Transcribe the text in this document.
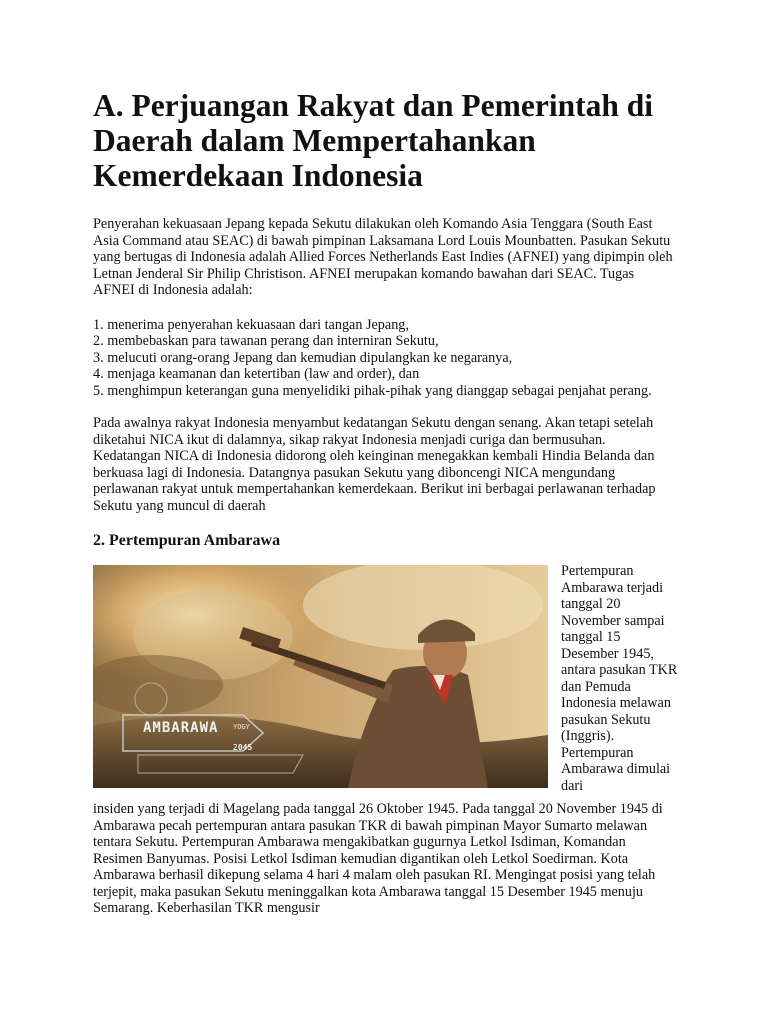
A. Perjuangan Rakyat dan Pemerintah di Daerah dalam Mempertahankan Kemerdekaan Indonesia

Penyerahan kekuasaan Jepang kepada Sekutu dilakukan oleh Komando Asia Tenggara (South East Asia Command atau SEAC) di bawah pimpinan Laksamana Lord Louis Mounbatten. Pasukan Sekutu yang bertugas di Indonesia adalah Allied Forces Netherlands East Indies (AFNEI) yang dipimpin oleh Letnan Jenderal Sir Philip Christison. AFNEI merupakan komando bawahan dari SEAC. Tugas AFNEI di Indonesia adalah:

1. menerima penyerahan kekuasaan dari tangan Jepang,
2. membebaskan para tawanan perang dan interniran Sekutu,
3. melucuti orang-orang Jepang dan kemudian dipulangkan ke negaranya,
4. menjaga keamanan dan ketertiban (law and order), dan
5. menghimpun keterangan guna menyelidiki pihak-pihak yang dianggap sebagai penjahat perang.

Pada awalnya rakyat Indonesia menyambut kedatangan Sekutu dengan senang. Akan tetapi setelah diketahui NICA ikut di dalamnya, sikap rakyat Indonesia menjadi curiga dan bermusuhan. Kedatangan NICA di Indonesia didorong oleh keinginan menegakkan kembali Hindia Belanda dan berkuasa lagi di Indonesia. Datangnya pasukan Sekutu yang diboncengi NICA mengundang perlawanan rakyat untuk mempertahankan kemerdekaan. Berikut ini berbagai perlawanan terhadap Sekutu yang muncul di daerah

2. Pertempuran Ambarawa
AMBARAWA YOGY
2045
Pertempuran Ambarawa terjadi tanggal 20 November sampai tanggal 15 Desember 1945, antara pasukan TKR dan Pemuda Indonesia melawan pasukan Sekutu (Inggris). Pertempuran Ambarawa dimulai dari

insiden yang terjadi di Magelang pada tanggal 26 Oktober 1945. Pada tanggal 20 November 1945 di Ambarawa pecah pertempuran antara pasukan TKR di bawah pimpinan Mayor Sumarto melawan tentara Sekutu. Pertempuran Ambarawa mengakibatkan gugurnya Letkol Isdiman, Komandan Resimen Banyumas. Posisi Letkol Isdiman kemudian digantikan oleh Letkol Soedirman. Kota Ambarawa berhasil dikepung selama 4 hari 4 malam oleh pasukan RI. Mengingat posisi yang telah terjepit, maka pasukan Sekutu meninggalkan kota Ambarawa tanggal 15 Desember 1945 menuju Semarang. Keberhasilan TKR mengusir
